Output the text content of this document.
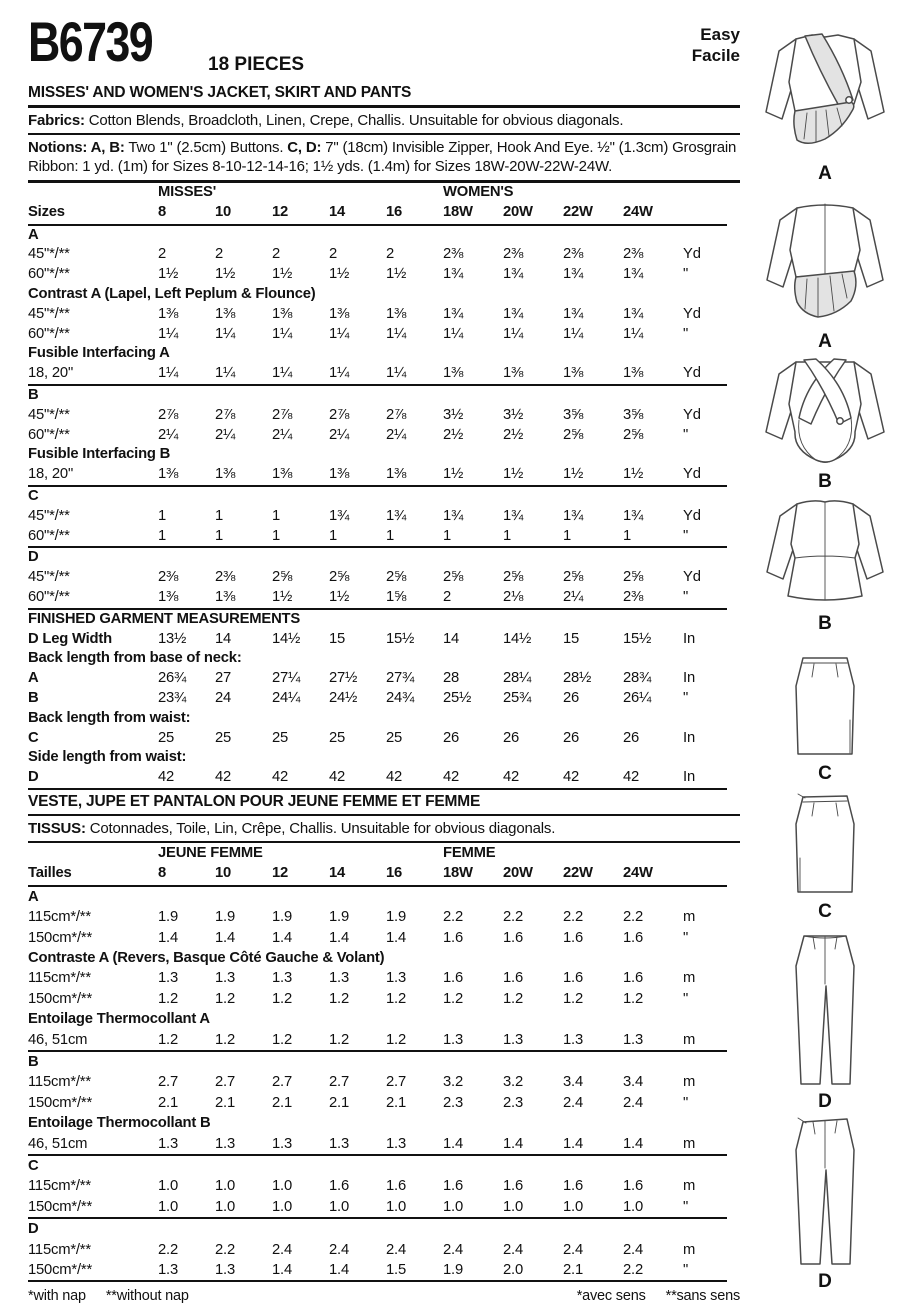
B6739	18 PIECES
Easy
Facile
MISSES' AND WOMEN'S JACKET, SKIRT AND PANTS

Fabrics: Cotton Blends, Broadcloth, Linen, Crepe, Challis. Unsuitable for obvious diagonals.

Notions: A, B: Two 1" (2.5cm) Buttons. C, D: 7" (18cm) Invisible Zipper, Hook And Eye. ½" (1.3cm) Grosgrain Ribbon: 1 yd. (1m) for Sizes 8-10-12-14-16; 1½ yds. (1.4m) for Sizes 18W-20W-22W-24W.

	MISSES'					WOMEN'S				
Sizes	8	10	12	14	16	18W	20W	22W	24W	
A										
45"*/**	2	2	2	2	2	2⅜	2⅜	2⅜	2⅜	Yd
60"*/**	1½	1½	1½	1½	1½	1¾	1¾	1¾	1¾	"
Contrast A (Lapel, Left Peplum & Flounce)										
45"*/**	1⅜	1⅜	1⅜	1⅜	1⅜	1¾	1¾	1¾	1¾	Yd
60"*/**	1¼	1¼	1¼	1¼	1¼	1¼	1¼	1¼	1¼	"
Fusible Interfacing A										
18, 20"	1¼	1¼	1¼	1¼	1¼	1⅜	1⅜	1⅜	1⅜	Yd
B										
45"*/**	2⅞	2⅞	2⅞	2⅞	2⅞	3½	3½	3⅝	3⅝	Yd
60"*/**	2¼	2¼	2¼	2¼	2¼	2½	2½	2⅝	2⅝	"
Fusible Interfacing B										
18, 20"	1⅜	1⅜	1⅜	1⅜	1⅜	1½	1½	1½	1½	Yd
C										
45"*/**	1	1	1	1¾	1¾	1¾	1¾	1¾	1¾	Yd
60"*/**	1	1	1	1	1	1	1	1	1	"
D										
45"*/**	2⅜	2⅜	2⅝	2⅝	2⅝	2⅝	2⅝	2⅝	2⅝	Yd
60"*/**	1⅜	1⅜	1½	1½	1⅝	2	2⅛	2¼	2⅜	"
FINISHED GARMENT MEASUREMENTS										
D Leg Width	13½	14	14½	15	15½	14	14½	15	15½	In
Back length from base of neck:										
A	26¾	27	27¼	27½	27¾	28	28¼	28½	28¾	In
B	23¾	24	24¼	24½	24¾	25½	25¾	26	26¼	"
Back length from waist:										
C	25	25	25	25	25	26	26	26	26	In
Side length from waist:										
D	42	42	42	42	42	42	42	42	42	In
VESTE, JUPE ET PANTALON POUR JEUNE FEMME ET FEMME

TISSUS: Cotonnades, Toile, Lin, Crêpe, Challis. Unsuitable for obvious diagonals.

	JEUNE FEMME					FEMME				
Tailles	8	10	12	14	16	18W	20W	22W	24W	
A										
115cm*/**	1.9	1.9	1.9	1.9	1.9	2.2	2.2	2.2	2.2	m
150cm*/**	1.4	1.4	1.4	1.4	1.4	1.6	1.6	1.6	1.6	"
Contraste A (Revers, Basque Côté Gauche & Volant)										
115cm*/**	1.3	1.3	1.3	1.3	1.3	1.6	1.6	1.6	1.6	m
150cm*/**	1.2	1.2	1.2	1.2	1.2	1.2	1.2	1.2	1.2	"
Entoilage Thermocollant A										
46, 51cm	1.2	1.2	1.2	1.2	1.2	1.3	1.3	1.3	1.3	m
B										
115cm*/**	2.7	2.7	2.7	2.7	2.7	3.2	3.2	3.4	3.4	m
150cm*/**	2.1	2.1	2.1	2.1	2.1	2.3	2.3	2.4	2.4	"
Entoilage Thermocollant B										
46, 51cm	1.3	1.3	1.3	1.3	1.3	1.4	1.4	1.4	1.4	m
C										
115cm*/**	1.0	1.0	1.0	1.6	1.6	1.6	1.6	1.6	1.6	m
150cm*/**	1.0	1.0	1.0	1.0	1.0	1.0	1.0	1.0	1.0	"
D										
115cm*/**	2.2	2.2	2.4	2.4	2.4	2.4	2.4	2.4	2.4	m
150cm*/**	1.3	1.3	1.4	1.4	1.5	1.9	2.0	2.1	2.2	"
*with nap **without nap	*avec sens **sans sens
A
A
B
B
C
C
D
D
